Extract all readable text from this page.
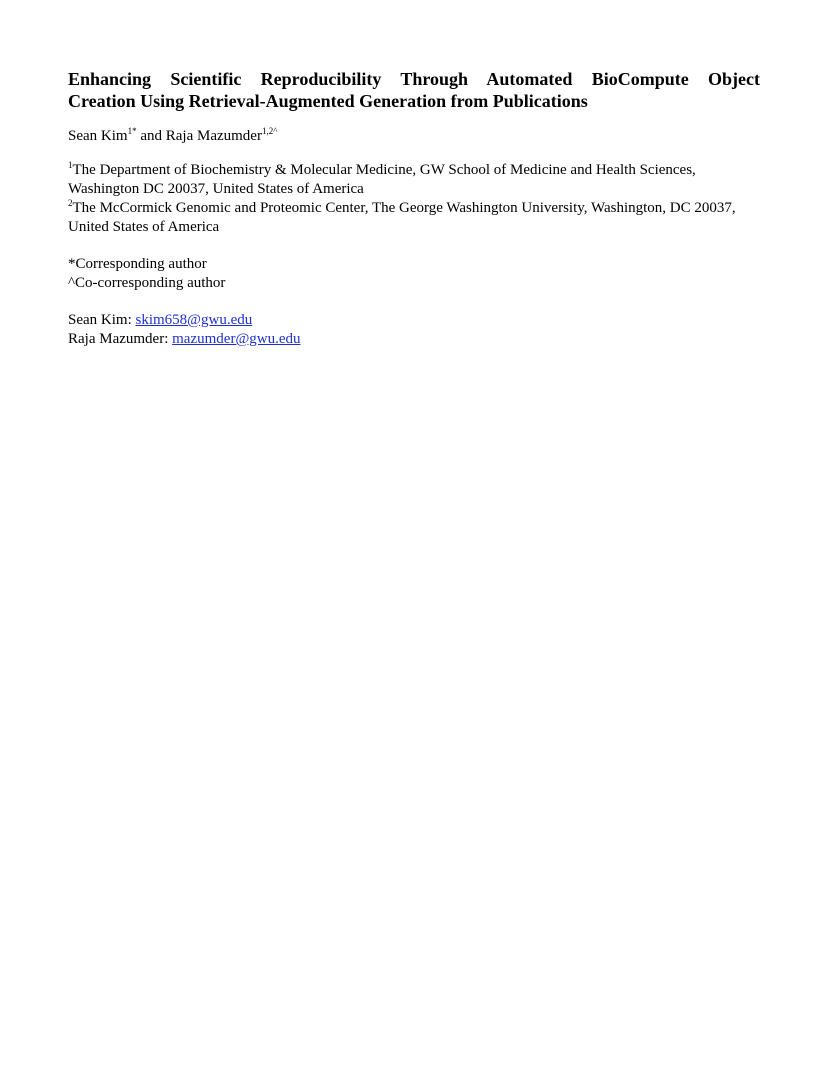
Enhancing Scientific Reproducibility Through Automated BioCompute Object
Creation Using Retrieval-Augmented Generation from Publications
Sean Kim$^{1*}$ and Raja Mazumder$^{1,2\^{}}$

$^1$The Department of Biochemistry & Molecular Medicine, GW School of Medicine and Health Sciences, Washington DC 20037, United States of America

$^2$The McCormick Genomic and Proteomic Center, The George Washington University, Washington, DC 20037, United States of America

*Corresponding author

^Co-corresponding author

Sean Kim: skim658@gwu.edu

Raja Mazumder: mazumder@gwu.edu
